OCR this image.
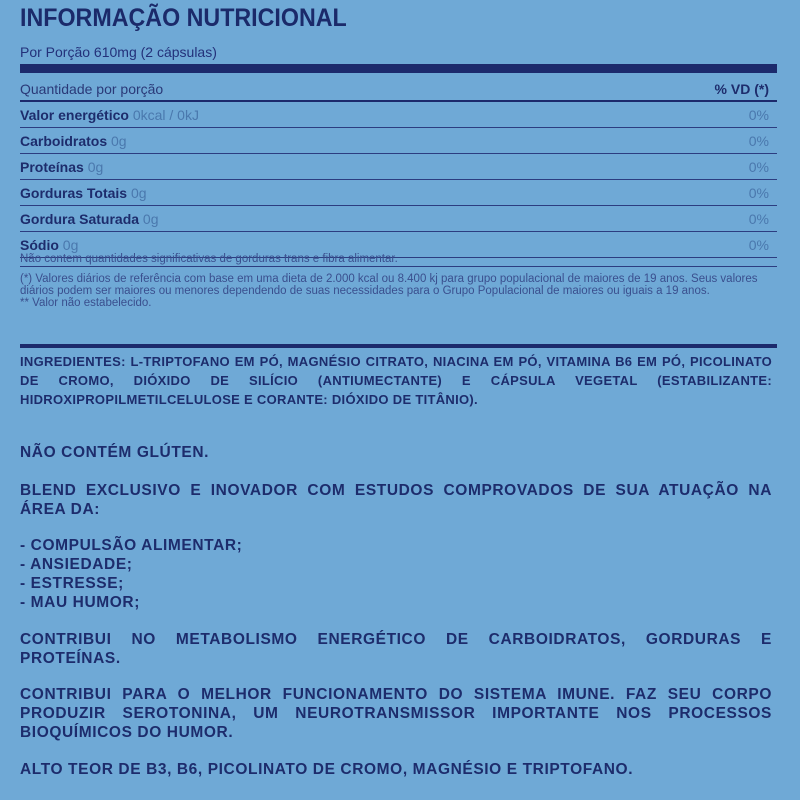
INFORMAÇÃO NUTRICIONAL
Por Porção 610mg (2 cápsulas)
Quantidade por porção	% VD (*)
Valor energético 0kcal / 0kJ	0%
Carboidratos 0g	0%
Proteínas 0g	0%
Gorduras Totais 0g	0%
Gordura Saturada 0g	0%
Sódio 0g	0%
Não contem quantidades significativas de gorduras trans e fibra alimentar.
(*) Valores diários de referência com base em uma dieta de 2.000 kcal ou 8.400 kj para grupo populacional de maiores de 19 anos. Seus valores diários podem ser maiores ou menores dependendo de suas necessidades para o Grupo Populacional de maiores ou iguais a 19 anos.
** Valor não estabelecido.
INGREDIENTES: L-TRIPTOFANO EM PÓ, MAGNÉSIO CITRATO, NIACINA EM PÓ, VITAMINA B6 EM PÓ, PICOLINATO DE CROMO, DIÓXIDO DE SILÍCIO (ANTIUMECTANTE) E CÁPSULA VEGETAL (ESTABILIZANTE: HIDROXIPROPILMETILCELULOSE E CORANTE: DIÓXIDO DE TITÂNIO).
NÃO CONTÉM GLÚTEN.
BLEND EXCLUSIVO E INOVADOR COM ESTUDOS COMPROVADOS DE SUA ATUAÇÃO NA ÁREA DA:
- COMPULSÃO ALIMENTAR;
- ANSIEDADE;
- ESTRESSE;
- MAU HUMOR;
CONTRIBUI NO METABOLISMO ENERGÉTICO DE CARBOIDRATOS, GORDURAS E PROTEÍNAS.
CONTRIBUI PARA O MELHOR FUNCIONAMENTO DO SISTEMA IMUNE. FAZ SEU CORPO PRODUZIR SEROTONINA, UM NEUROTRANSMISSOR IMPORTANTE NOS PROCESSOS BIOQUÍMICOS DO HUMOR.
ALTO TEOR DE B3, B6, PICOLINATO DE CROMO, MAGNÉSIO E TRIPTOFANO.
